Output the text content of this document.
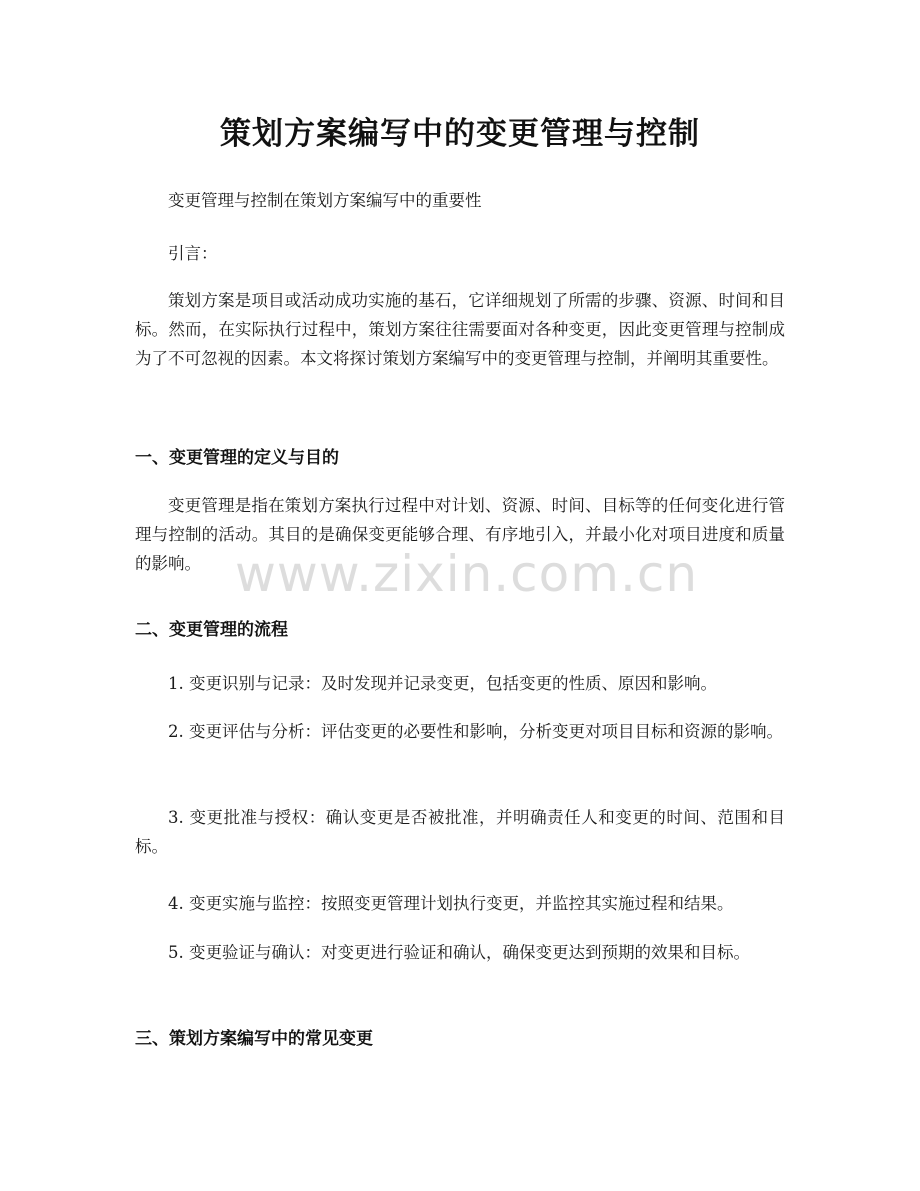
策划方案编写中的变更管理与控制

变更管理与控制在策划方案编写中的重要性

引言：

策划方案是项目或活动成功实施的基石，它详细规划了所需的步骤、资源、时间和目标。然而，在实际执行过程中，策划方案往往需要面对各种变更，因此变更管理与控制成为了不可忽视的因素。本文将探讨策划方案编写中的变更管理与控制，并阐明其重要性。

一、变更管理的定义与目的

变更管理是指在策划方案执行过程中对计划、资源、时间、目标等的任何变化进行管理与控制的活动。其目的是确保变更能够合理、有序地引入，并最小化对项目进度和质量的影响。 www.zixin.com.cn
二、变更管理的流程

1. 变更识别与记录：及时发现并记录变更，包括变更的性质、原因和影响。

2. 变更评估与分析：评估变更的必要性和影响，分析变更对项目目标和资源的影响。

3. 变更批准与授权：确认变更是否被批准，并明确责任人和变更的时间、范围和目标。

4. 变更实施与监控：按照变更管理计划执行变更，并监控其实施过程和结果。

5. 变更验证与确认：对变更进行验证和确认，确保变更达到预期的效果和目标。

三、策划方案编写中的常见变更
